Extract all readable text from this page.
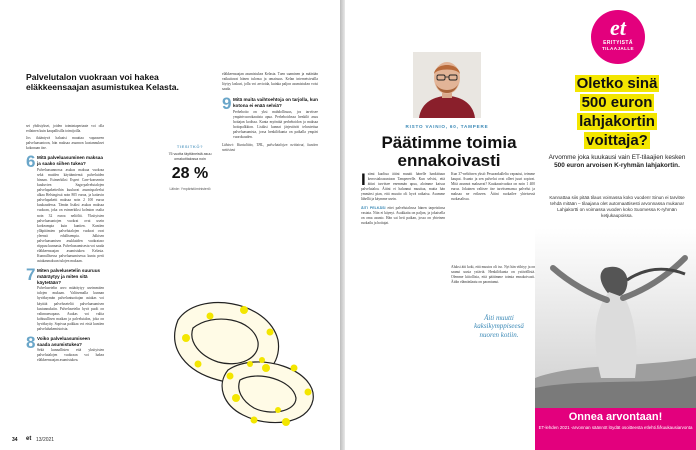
Palvelutalon vuokraan voi hakea eläkkeensaajan asumistukea Kelasta.

set yhdistykset, joiden toimintaperiaate voi olla erilainen kuin kaupallisilla toimijoilla.

Jos ikääntyvä haluaisi muuttaa vapaaseen palveluasuntoon, hän maksaa asunnon kustannukset kokonaan itse.

6 Mitä palveluasuminen maksaa ja saako siihen tukea?

Palveluasunnossa asukas maksaa vuokraa sekä muiden käyttämiensä palveluiden hinnan. Esimerkiksi Espert Care-konsernin kuuluvien Saga-palvelutalojen palvelupaketteihin kuuluvat asumispalvelut alkaa Helsingissä noin 805 euroa, ja kattavin palvelupaketti maksaa noin 2 100 euroa kuukaudessa. Tämän lisäksi asukas maksaa vuokran, joka on esimerkiksi kolmion osalta noin 32 euroa neliöltä. Yksityisten palveluasuntojen vuokrat ovat usein korkeampia kuin kuntien. Kuntien ylläpitämien palvelutalojen vuokrat ovat yleensä edullisempia. Julkisen palveluasumisen asukkaiden vuokrataso riippuu kunnasta. Palveluasumisesta voi saada eläkkeensaajan asumistukea Kelasta. Kunnallisessa palveluasumisessa kunta perii asiakasmaksun tulojen mukaan.

7 Miten palvelusetelin suuruus määräytyy ja miten sitä käytetään?

Palvelusetelin arvo määräytyy useimmiten tulojen mukaan. Valitsemalla kunnan hyväksymän palveluntuottajan asiakas voi käyttää palveluseteliä palveluasumisen kustannuksiin. Palvelusetelin hyvä puoli on valinnanvapaus. Asukas voi valita kohtuullisen matkan ja palvelutalon, joka on hyväksytty. Sopivaa paikkaa voi etsiä kuntien palveluhakemistoista.

8 Voiko palveluasumiseen saada asumistukea?

Sekä kunnallisten että yksityisten palvelutalojen vuokraan voi hakea eläkkeensaajan asumistukea.

TIESITKÖ?
75 vuotta täyttäneistä asuu omakotitalossa noin
28 %
Lähde: Ympäristöministeriö

eläkkeensaajan asumistukea Kelasta. Tuen saaminen ja määrään vaikuttavat hänen tulonsa ja omaisuus. Kelan internetsivuilla löytyy laskuri, jolla voi arvioida, kuinka paljon asumistukea voisi saada.

9 Mitä muita vaihtoehtoja on tarjolla, kun kotona ei enää selviä?

Perhehoito on yksi mahdollisuus, jos tarvitsee ympärivuorokautista apua. Perhehoidossa henkilö asuu hoitajan kodissa. Kunta myöntää perhehoidon ja maksaa hoitopalkkion. Lisäksi kunnat järjestävät tehostettua palveluasumista, jossa henkilökunta on paikalla ympäri vuorokauden.

Lähteet: Kuntaliitto, THL, palvelutalojen nettisivut, kuntien nettisivut

34 et 13/2021
RISTO VAINIO, 60, TAMPERE
Päätimme toimia ennakoivasti

I sämi kuoltua äitini muutti hänelle hankittuun kerrostaloasuntoon Tampereelle. Kun selvisi, että äitini tarvitsee enemmän apua, aloimme katsoa palvelutaloa. Äitini ei halunnut muuttaa, mutta hän ymmärsi pian, että muutto oli hyvä ratkaisu. Asumme lähellä ja käymme usein.

ÄITI PELKÄSI ettei palvelutalossa hänen tarpeisiinsa vastata. Niin ei käynyt. Asukkaita on paljon, ja jokaisella on oma asunto. Hän sai heti paikan, jossa on yhteinen ruokailu ja hoitajat.

Kun 37-neliöinen yksiö Pesurankallelta vapautui, teimme kaupat. Asunto ja sen palvelut ovat olleet juuri sopivat. Mitä asunnot maksavat? Kuukausivuokra on noin 1 400 euroa. Jokainen valitsee itse tarvitsemansa palvelut ja maksaa ne erikseen. Äitini ruokailee yhteisessä ruokasalissa.

Aluksi äiti koki, että muutos oli iso. Nyt hän viihtyy ja on saanut uusia ystäviä. Henkilökunta on ystävällistä. Olemme kiitollisia, että päätimme toimia ennakoivasti. Äidin elämänlaatu on parantunut.

Äiti muutti kaksikymppiseesä nuoren kotiin.
et
ERITYISTÄ
TILAAJALLE
Oletko sinä
500 euron
lahjakortin
voittaja?
Arvomme joka kuukausi vain ET-tilaajien kesken 500 euron arvoisen K-ryhmän lahjakortin.
Kannattaa siis pitää tilaus voimassa koko vuoden! Sinun ei tarvitse tehdä mitään – tilaajana olet automaattisesti arvonnassa mukana! Lahjakortti on voimassa vuoden koko Suomessa K-ryhmän ketjukaupoissa.
Onnea arvontaan!
ET-lehden 2021 -arvonnan säännöt löydät osoitteesta etlehti.fi/kuukausiarvonta
